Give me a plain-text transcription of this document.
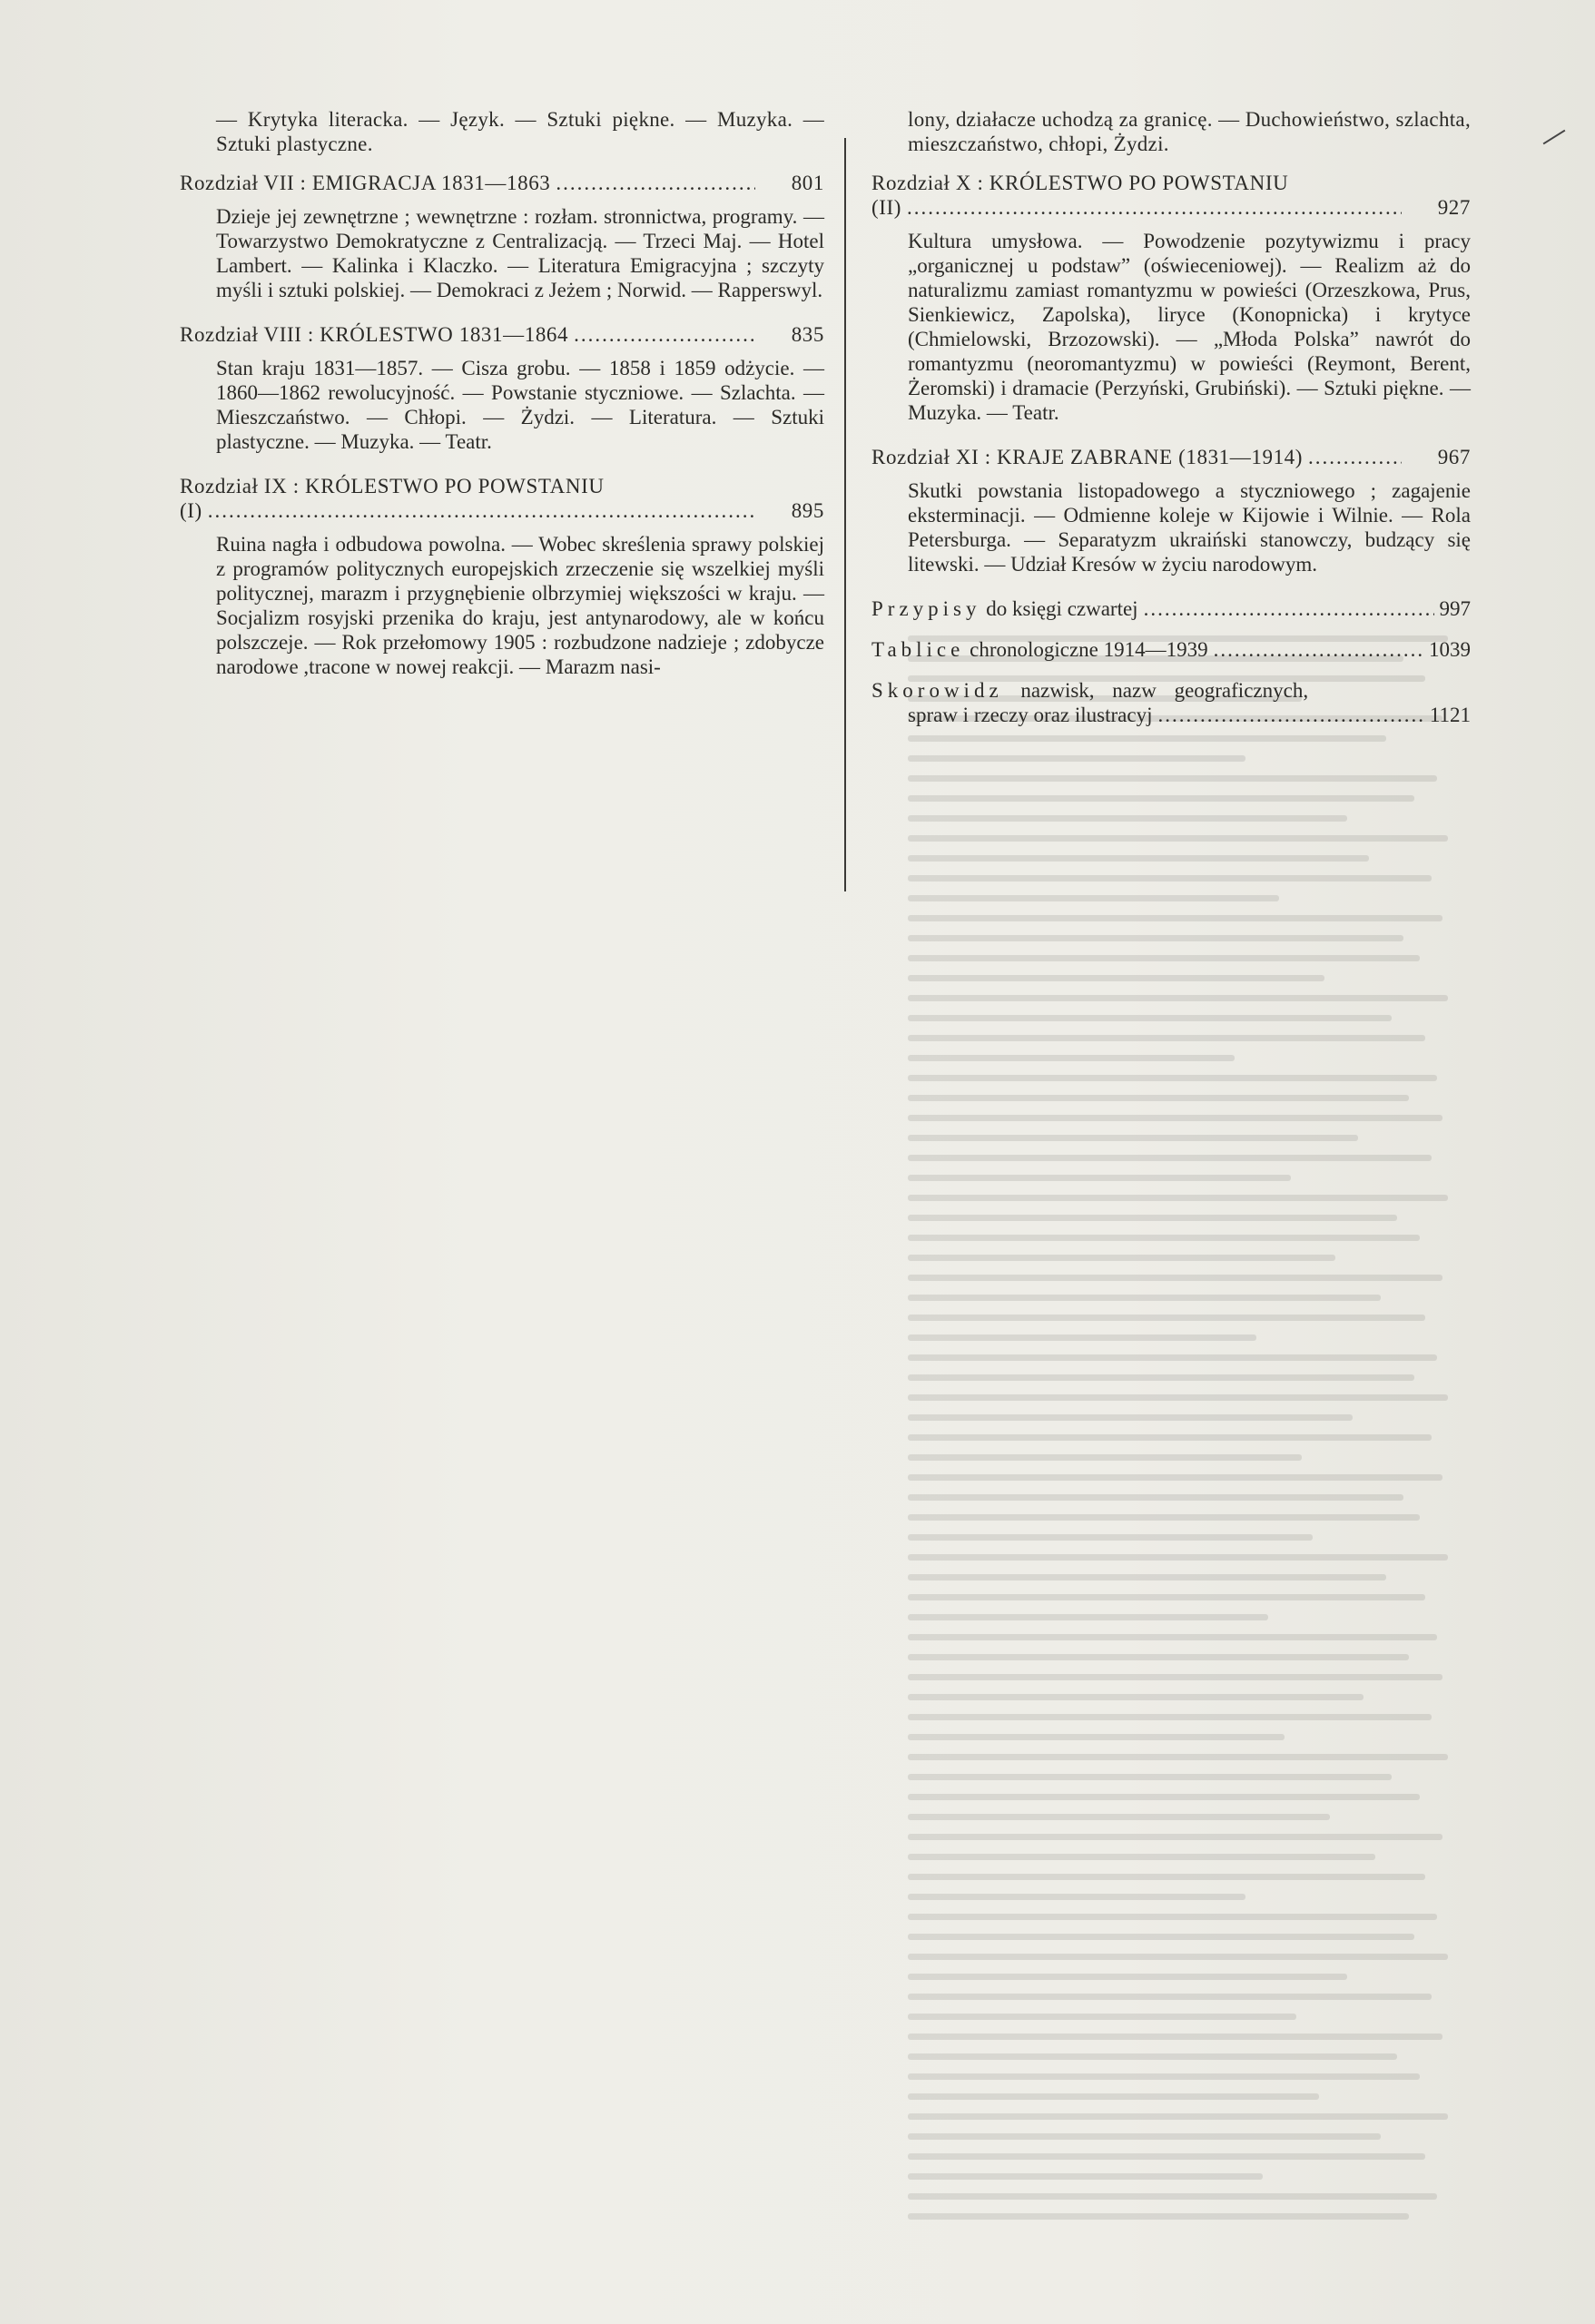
— Krytyka literacka. — Język. — Sztuki piękne. — Muzyka. — Sztuki plastyczne.
Rozdział VII : EMIGRACJA 1831—1863 .....	801
Dzieje jej zewnętrzne ; wewnętrzne : rozłam. stronnictwa, programy. — Towarzystwo Demokratyczne z Centralizacją. — Trzeci Maj. — Hotel Lambert. — Kalinka i Klaczko. — Literatura Emigracyjna ; szczyty myśli i sztuki polskiej. — Demokraci z Jeżem ; Norwid. — Rapperswyl.
Rozdział VIII : KRÓLESTWO 1831—1864 .....	835
Stan kraju 1831—1857. — Cisza grobu. — 1858 i 1859 odżycie. — 1860—1862 rewolucyjność. — Powstanie styczniowe. — Szlachta. — Mieszczaństwo. — Chłopi. — Żydzi. — Literatura. — Sztuki plastyczne. — Muzyka. — Teatr.
Rozdział IX : KRÓLESTWO PO POWSTANIU
(I) .....	895
Ruina nagła i odbudowa powolna. — Wobec skreślenia sprawy polskiej z programów politycznych europejskich zrzeczenie się wszelkiej myśli politycznej, marazm i przygnębienie olbrzymiej większości w kraju. — Socjalizm rosyjski przenika do kraju, jest antynarodowy, ale w końcu polszczeje. — Rok przełomowy 1905 : rozbudzone nadzieje ; zdobycze narodowe ,tracone w nowej reakcji. — Marazm nasi-
lony, działacze uchodzą za granicę. — Duchowieństwo, szlachta, mieszczaństwo, chłopi, Żydzi.
Rozdział X : KRÓLESTWO PO POWSTANIU
(II) .....	927
Kultura umysłowa. — Powodzenie pozytywizmu i pracy „organicznej u podstaw” (oświeceniowej). — Realizm aż do naturalizmu zamiast romantyzmu w powieści (Orzeszkowa, Prus, Sienkiewicz, Zapolska), liryce (Konopnicka) i krytyce (Chmielowski, Brzozowski). — „Młoda Polska” nawrót do romantyzmu (neoromantyzmu) w powieści (Reymont, Berent, Żeromski) i dramacie (Perzyński, Grubiński). — Sztuki piękne. — Muzyka. — Teatr.
Rozdział XI : KRAJE ZABRANE (1831—1914) .....	967
Skutki powstania listopadowego a styczniowego ; zagajenie eksterminacji. — Odmienne koleje w Kijowie i Wilnie. — Rola Petersburga. — Separatyzm ukraiński stanowczy, budzący się litewski. — Udział Kresów w życiu narodowym.
Przypisy do księgi czwartej .....	997
Tablice chronologiczne 1914—1939 .....	1039
Skorowidz nazwisk, nazw geograficznych,
spraw i rzeczy oraz ilustracyj .....	1121
